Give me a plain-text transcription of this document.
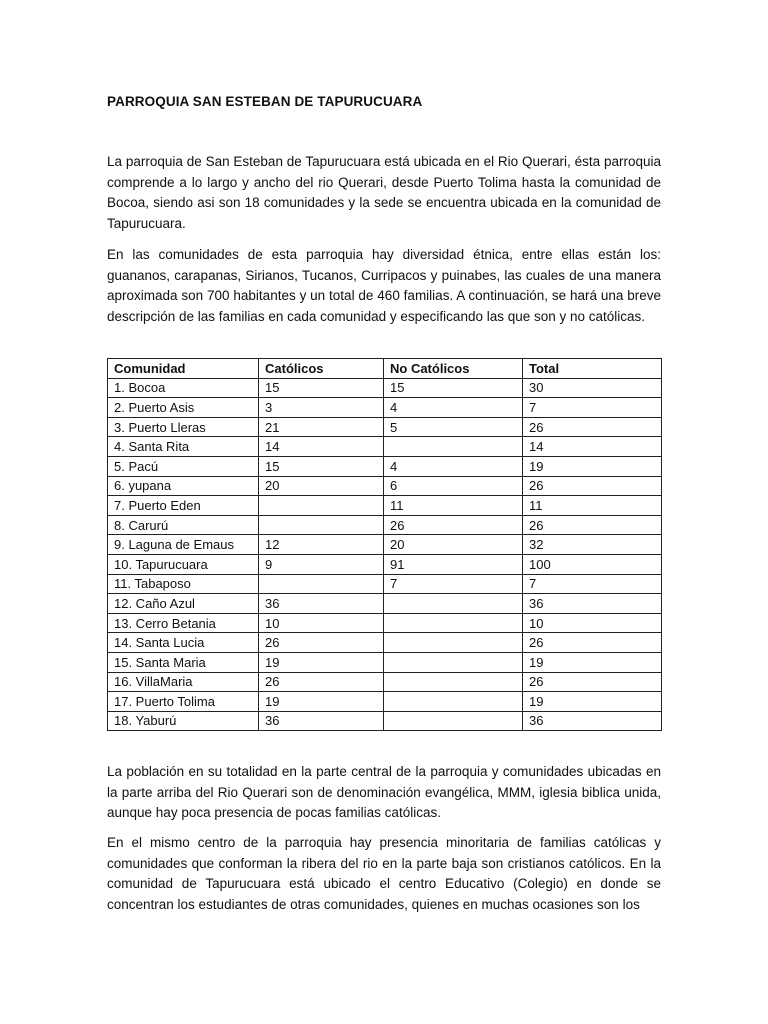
PARROQUIA SAN ESTEBAN DE TAPURUCUARA

La parroquia de San Esteban de Tapurucuara está ubicada en el Rio Querari, ésta parroquia comprende a lo largo y ancho del rio Querari, desde Puerto Tolima hasta la comunidad de Bocoa, siendo asi son 18 comunidades y la sede se encuentra ubicada en la comunidad de Tapurucuara.

En las comunidades de esta parroquia hay diversidad étnica, entre ellas están los: guananos, carapanas, Sirianos, Tucanos, Curripacos y puinabes, las cuales de una manera aproximada son 700 habitantes y un total de 460 familias. A continuación, se hará una breve descripción de las familias en cada comunidad y especificando las que son y no católicas.

Comunidad	Católicos	No Católicos	Total
1. Bocoa	15	15	30
2. Puerto Asis	3	4	7
3. Puerto Lleras	21	5	26
4. Santa Rita	14		14
5. Pacú	15	4	19
6. yupana	20	6	26
7. Puerto Eden		11	11
8. Carurú		26	26
9. Laguna de Emaus	12	20	32
10. Tapurucuara	9	91	100
11. Tabaposo		7	7
12. Caño Azul	36		36
13. Cerro Betania	10		10
14. Santa Lucia	26		26
15. Santa Maria	19		19
16. VillaMaria	26		26
17. Puerto Tolima	19		19
18. Yaburú	36		36

La población en su totalidad en la parte central de la parroquia y comunidades ubicadas en la parte arriba del Rio Querari son de denominación evangélica, MMM, iglesia biblica unida, aunque hay poca presencia de pocas familias católicas.

En el mismo centro de la parroquia hay presencia minoritaria de familias católicas y comunidades que conforman la ribera del rio en la parte baja son cristianos católicos. En la comunidad de Tapurucuara está ubicado el centro Educativo (Colegio) en donde se concentran los estudiantes de otras comunidades, quienes en muchas ocasiones son los
